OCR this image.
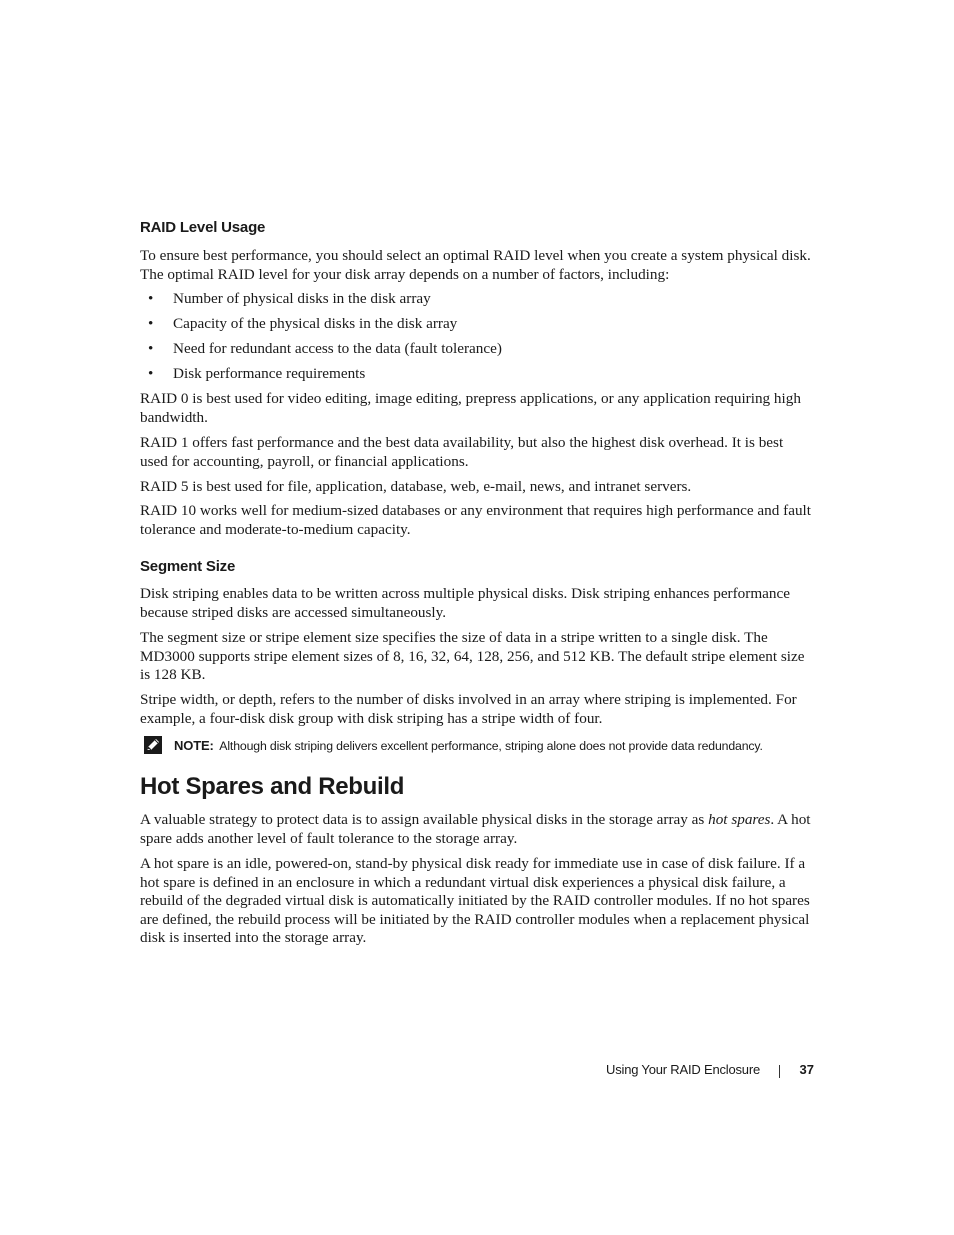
RAID Level Usage

To ensure best performance, you should select an optimal RAID level when you create a system physical disk. The optimal RAID level for your disk array depends on a number of factors, including:

• Number of physical disks in the disk array

• Capacity of the physical disks in the disk array

• Need for redundant access to the data (fault tolerance)

• Disk performance requirements

RAID 0 is best used for video editing, image editing, prepress applications, or any application requiring high bandwidth.

RAID 1 offers fast performance and the best data availability, but also the highest disk overhead. It is best used for accounting, payroll, or financial applications.

RAID 5 is best used for file, application, database, web, e-mail, news, and intranet servers.

RAID 10 works well for medium-sized databases or any environment that requires high performance and fault tolerance and moderate-to-medium capacity.

Segment Size

Disk striping enables data to be written across multiple physical disks. Disk striping enhances performance because striped disks are accessed simultaneously.

The segment size or stripe element size specifies the size of data in a stripe written to a single disk. The MD3000 supports stripe element sizes of 8, 16, 32, 64, 128, 256, and 512 KB. The default stripe element size is 128 KB.

Stripe width, or depth, refers to the number of disks involved in an array where striping is implemented. For example, a four-disk disk group with disk striping has a stripe width of four.

NOTE: Although disk striping delivers excellent performance, striping alone does not provide data redundancy.
Hot Spares and Rebuild

A valuable strategy to protect data is to assign available physical disks in the storage array as hot spares. A hot spare adds another level of fault tolerance to the storage array.

A hot spare is an idle, powered-on, stand-by physical disk ready for immediate use in case of disk failure. If a hot spare is defined in an enclosure in which a redundant virtual disk experiences a physical disk failure, a rebuild of the degraded virtual disk is automatically initiated by the RAID controller modules. If no hot spares are defined, the rebuild process will be initiated by the RAID controller modules when a replacement physical disk is inserted into the storage array.

Using Your RAID Enclosure	37
